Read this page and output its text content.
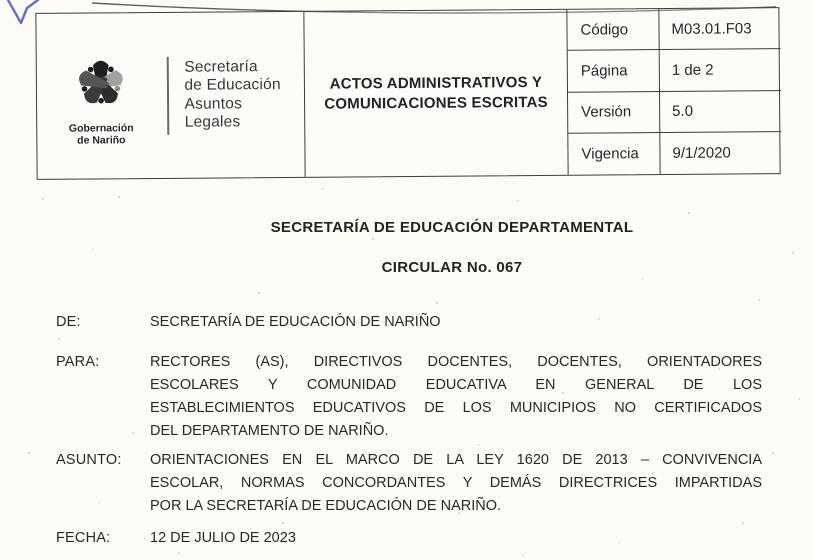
Gobernación
de Nariño
Secretaría
de Educación
Asuntos
Legales
ACTOS ADMINISTRATIVOS Y COMUNICACIONES ESCRITAS
Código	M03.01.F03
Página	1 de 2
Versión	5.0
Vigencia	9/1/2020
SECRETARÍA DE EDUCACIÓN DEPARTAMENTAL
CIRCULAR No. 067
DE:	SECRETARÍA DE EDUCACIÓN DE NARIÑO
PARA:	RECTORES (AS), DIRECTIVOS DOCENTES, DOCENTES, ORIENTADORES
ESCOLARES Y COMUNIDAD EDUCATIVA EN GENERAL DE LOS
ESTABLECIMIENTOS EDUCATIVOS DE LOS MUNICIPIOS NO CERTIFICADOS
DEL DEPARTAMENTO DE NARIÑO.
ASUNTO:	ORIENTACIONES EN EL MARCO DE LA LEY 1620 DE 2013 – CONVIVENCIA
ESCOLAR, NORMAS CONCORDANTES Y DEMÁS DIRECTRICES IMPARTIDAS
POR LA SECRETARÍA DE EDUCACIÓN DE NARIÑO.
FECHA:	12 DE JULIO DE 2023
